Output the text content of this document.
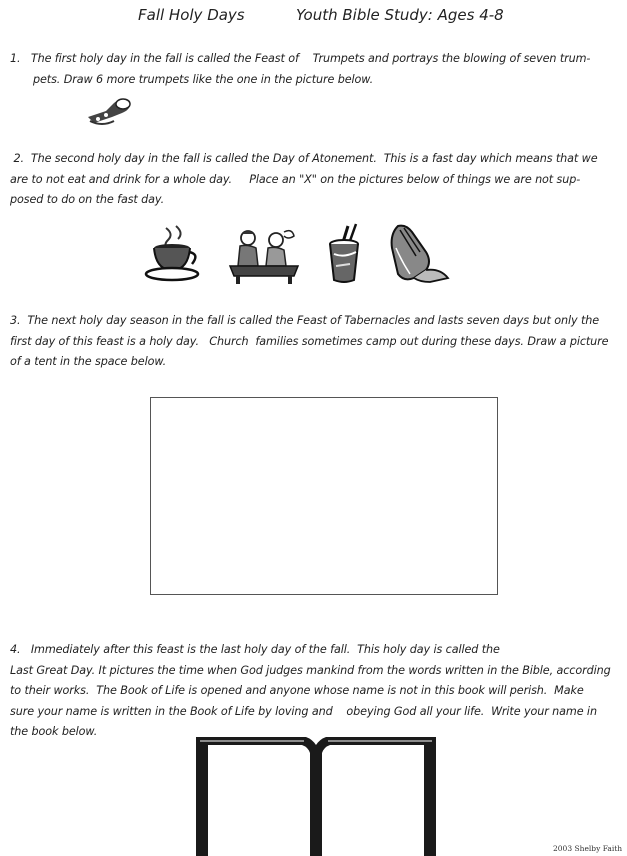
Fall Holy Days	Youth Bible Study: Ages 4-8
1.   The first holy day in the fall is called the Feast of    Trumpets and portrays the blowing of seven trum-
pets. Draw 6 more trumpets like the one in the picture below.
2.  The second holy day in the fall is called the Day of Atonement.  This is a fast day which means that we
are to not eat and drink for a whole day.     Place an "X" on the pictures below of things we are not sup-
posed to do on the fast day.
3.  The next holy day season in the fall is called the Feast of Tabernacles and lasts seven days but only the
first day of this feast is a holy day.   Church  families sometimes camp out during these days. Draw a picture
of a tent in the space below.
4.   Immediately after this feast is the last holy day of the fall.  This holy day is called the
Last Great Day. It pictures the time when God judges mankind from the words written in the Bible, according
to their works.  The Book of Life is opened and anyone whose name is not in this book will perish.  Make
sure your name is written in the Book of Life by loving and    obeying God all your life.  Write your name in
the book below.
2003 Shelby Faith
